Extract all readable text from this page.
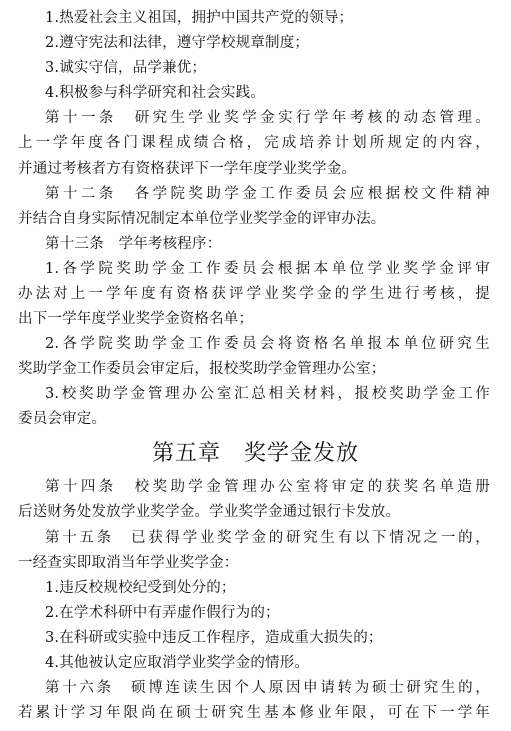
1.热爱社会主义祖国，拥护中国共产党的领导；
2.遵守宪法和法律，遵守学校规章制度；
3.诚实守信，品学兼优；
4.积极参与科学研究和社会实践。
第十一条　研究生学业奖学金实行学年考核的动态管理。
上一学年度各门课程成绩合格，完成培养计划所规定的内容，
并通过考核者方有资格获评下一学年度学业奖学金。
第十二条　各学院奖助学金工作委员会应根据校文件精神
并结合自身实际情况制定本单位学业奖学金的评审办法。
第十三条　学年考核程序：
1.各学院奖助学金工作委员会根据本单位学业奖学金评审
办法对上一学年度有资格获评学业奖学金的学生进行考核，提
出下一学年度学业奖学金资格名单；
2.各学院奖助学金工作委员会将资格名单报本单位研究生
奖助学金工作委员会审定后，报校奖助学金管理办公室；
3.校奖助学金管理办公室汇总相关材料，报校奖助学金工作
委员会审定。
第五章　奖学金发放
第十四条　校奖助学金管理办公室将审定的获奖名单造册
后送财务处发放学业奖学金。学业奖学金通过银行卡发放。
第十五条　已获得学业奖学金的研究生有以下情况之一的，
一经查实即取消当年学业奖学金：
1.违反校规校纪受到处分的；
2.在学术科研中有弄虚作假行为的；
3.在科研或实验中违反工作程序，造成重大损失的；
4.其他被认定应取消学业奖学金的情形。
第十六条　硕博连读生因个人原因申请转为硕士研究生的，
若累计学习年限尚在硕士研究生基本修业年限，可在下一学年
